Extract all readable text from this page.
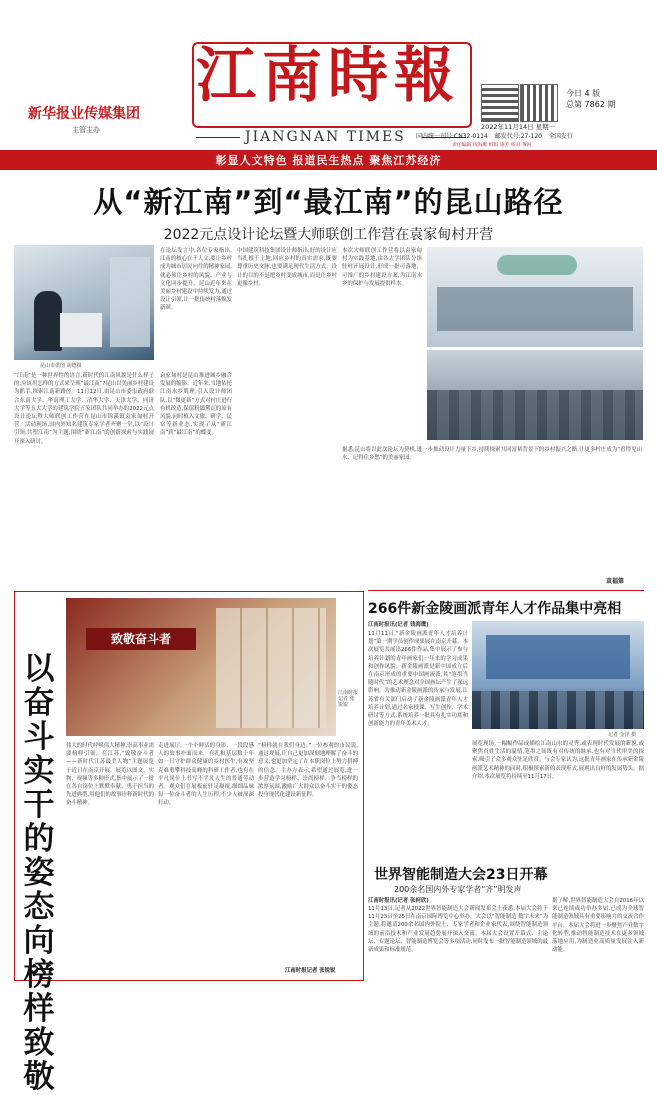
新华报业传媒集团
主管主办
江南時報
JIANGNAN TIMES
今日 4 版
总第 7862 期
2022年11月14日 星期一
国内统一刊号:CN32-0114 邮发代号:27-120 全国发行
责任编辑 钱海鹰 组版 施芳 校对 黄河
彰显人文特色 报道民生热点 聚焦江苏经济
从“新江南”到“最江南”的昆山路径
2022元点设计论坛暨大师联创工作营在袁家甸村开营
昆山市供图 胡德摄
“江南”是一种世界性的语言,新时代的江南风貌是什么样子的,应该用怎样的方式来呈现“最江南”?昆山以美丽乡村建设为抓手,探索江南新路径。11月12日,由昆山市委市政府联合东南大学、华南理工大学、清华大学、天津大学、同济大学等五大大学的建筑学院五家团队共同举办的2022元点设计论坛暨大师联创工作营在昆山市锦溪镇袁家甸村开营。活动现场,国内外知名建筑专家学者齐聚一堂,以“设计引领,共塑江南”为主题,围绕“新江南”的创新探索与实践展开深入研讨。
在论坛发言中,各位专家指出,江南的核心在于人文,要让乡村成为城市居民向往的精神家园,就必须让乡村的风貌、产业与文化同步提升。昆山近年来在美丽乡村建设中持续发力,通过设计引领,让一批传统村落焕发新颜。
袁家甸村是昆山推进城乡融合发展的缩影。近年来,当地依托江南水乡肌理,引入设计师团队,以“微更新”方式对村庄进行有机改造,保留粉墙黛瓦的原有风貌,同时植入文旅、研学、民宿等新业态,实现了从“新江南”到“最江南”的蝶变。
中国建筑科技集团设计师指出,好的设计应当扎根于土地,回应乡村的真实需求,既要尊重历史文脉,也要满足现代生活方式。设计的目的不是把乡村变成城市,而是让乡村更像乡村。
本次大师联创工作营将以袁家甸村为实践基地,由各大学团队分组驻村开展设计,形成一批可落地、可推广的乡村建设方案,为江南水乡的保护与发展提供样本。
据悉,昆山将以此次论坛为契机,进一步推动设计力量下乡,持续探索共同富裕背景下的乡村振兴之路,让更多村庄成为“看得见山水、记得住乡愁”的美丽家园。
袁福第
以奋斗实干的姿态向榜样致敬
致敬奋斗者
江南时报记者 张锐锐
伟大的时代呼唤伟大精神,崇高事业需要榜样引领。在江苏,“致敬奋斗者——新时代江苏最美人物”主题展览于近日在南京开展。展览以图文、实物、视频等多种形式,集中展示了一批在各自岗位上默默奉献、勇于担当的先进典型,用他们的故事诠释新时代的奋斗精神。
走进展厅,一个个鲜活的身影、一段段感人的故事扑面而来。有扎根基层数十年如一日守护群众健康的乡村医生,有攻坚克难勇攀科技高峰的科研工作者,也有在平凡岗位上书写不平凡人生的普通劳动者。观众们在展板前驻足凝视,细细品味每一位奋斗者的人生历程,不少人被深深打动。
“榜样就在我们身边。”一位参观的市民说,通过观展,让自己更加深刻地理解了奋斗的意义,也更加坚定了在本职岗位上努力拼搏的信念。主办方表示,希望通过展览,进一步营造学习榜样、崇尚榜样、争当榜样的浓厚氛围,激励广大群众以奋斗实干的姿态投身现代化建设新征程。
江南时报记者 张锐锐
266件新金陵画派青年人才作品集中亮相
江南时报讯(记者 钱海鹰)
11月11日,“新金陵画派青年人才培养计划”第一期学员创作成果展在南京开幕。本次展览共展出266件作品,集中展示了参与培养计划的青年画家们一年来的学习成果和创作风貌。新金陵画派是新中国成立后在南京形成的重要中国画流派,其“笔墨当随时代”的艺术理念对全国画坛产生了深远影响。为推动新金陵画派的传承与发展,江苏省有关部门启动了新金陵画派青年人才培养计划,通过名家授课、写生创作、学术研讨等方式,系统培养一批具有扎实功底和创新能力的青年美术人才。
记者 金泽 摄
展览现场,一幅幅作品或描绘江南山水的灵秀,或表现时代发展的新貌,或聚焦百姓生活的温情,笔墨之间既有对传统的继承,也有对当代审美的探索,吸引了众多观众驻足欣赏。与会专家认为,这批青年画家在传承新金陵画派艺术精神的同时,积极探索新的表现形式,展现出良好的发展势头。据介绍,本次展览将持续至11月17日。
世界智能制造大会23日开幕
200余名国内外专家学者“齐”明发声
江南时报讯(记者 张柯欣)
11月13日,记者从2022世界智能制造大会新闻发布会上获悉,本届大会将于11月23日至25日在南京国际博览中心举办。大会以“智能制造 数字未来”为主题,将邀请200余名国内外院士、专家学者和企业家代表,围绕智能制造领域的前沿技术和产业发展趋势展开深入交流。本届大会设置开幕式、主论坛、专题论坛、智能制造博览会等多项活动,同时发布一批智能制造领域的最新成果和标准规范。
据了解,世界智能制造大会自2016年以来已连续成功举办多届,已成为全球智能制造领域具有重要影响力的交流合作平台。本届大会将进一步聚焦产业数字化转型,推动智能制造技术在更多领域落地应用,为制造业高质量发展注入新动能。
